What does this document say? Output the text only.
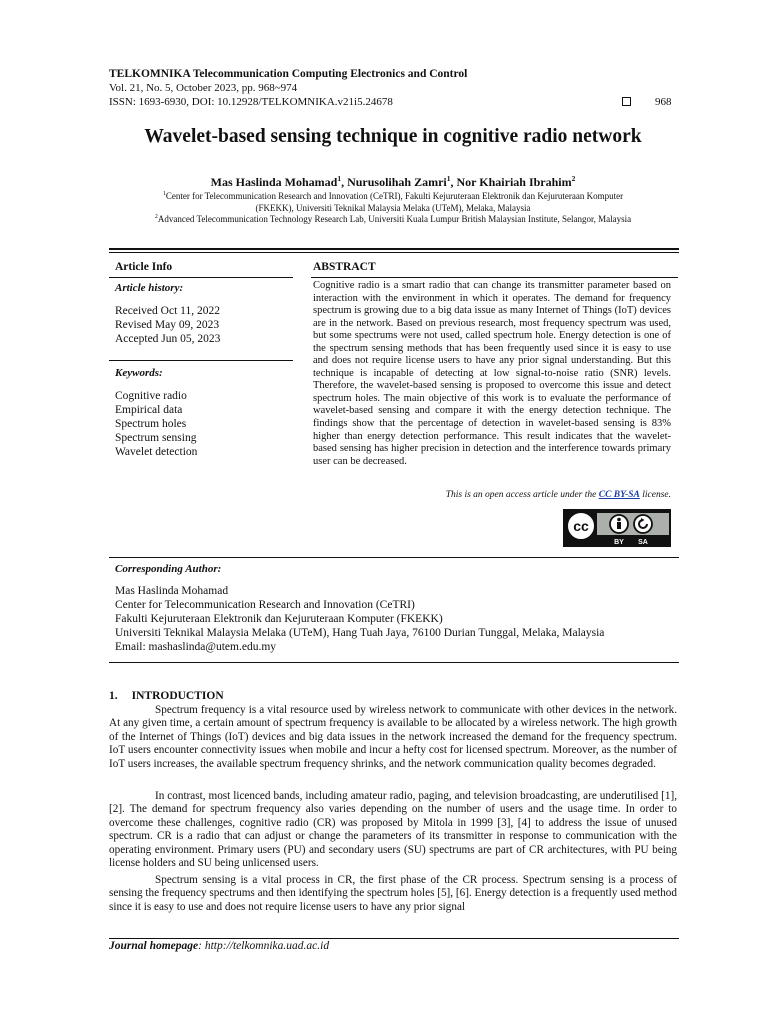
TELKOMNIKA Telecommunication Computing Electronics and Control
Vol. 21, No. 5, October 2023, pp. 968~974
ISSN: 1693-6930, DOI: 10.12928/TELKOMNIKA.v21i5.24678	968
Wavelet-based sensing technique in cognitive radio network
Mas Haslinda Mohamad$^1$, Nurusolihah Zamri$^1$, Nor Khairiah Ibrahim$^2$
$^1$Center for Telecommunication Research and Innovation (CeTRI), Fakulti Kejuruteraan Elektronik dan Kejuruteraan Komputer
(FKEKK), Universiti Teknikal Malaysia Melaka (UTeM), Melaka, Malaysia
$^2$Advanced Telecommunication Technology Research Lab, Universiti Kuala Lumpur British Malaysian Institute, Selangor, Malaysia
Article Info
Article history:
Received Oct 11, 2022
Revised May 09, 2023
Accepted Jun 05, 2023
Keywords:
Cognitive radio
Empirical data
Spectrum holes
Spectrum sensing
Wavelet detection
ABSTRACT
Cognitive radio is a smart radio that can change its transmitter parameter based on interaction with the environment in which it operates. The demand for frequency spectrum is growing due to a big data issue as many Internet of Things (IoT) devices are in the network. Based on previous research, most frequency spectrum was used, but some spectrums were not used, called spectrum hole. Energy detection is one of the spectrum sensing methods that has been frequently used since it is easy to use and does not require license users to have any prior signal understanding. But this technique is incapable of detecting at low signal-to-noise ratio (SNR) levels. Therefore, the wavelet-based sensing is proposed to overcome this issue and detect spectrum holes. The main objective of this work is to evaluate the performance of wavelet-based sensing and compare it with the energy detection technique. The findings show that the percentage of detection in wavelet-based sensing is 83% higher than energy detection performance. This result indicates that the wavelet-based sensing has higher precision in detection and the interference towards primary user can be decreased.
This is an open access article under the CC BY-SA license.
cc
BY SA
Corresponding Author:
Mas Haslinda Mohamad
Center for Telecommunication Research and Innovation (CeTRI)
Fakulti Kejuruteraan Elektronik dan Kejuruteraan Komputer (FKEKK)
Universiti Teknikal Malaysia Melaka (UTeM), Hang Tuah Jaya, 76100 Durian Tunggal, Melaka, Malaysia
Email: mashaslinda@utem.edu.my
1. INTRODUCTION
Spectrum frequency is a vital resource used by wireless network to communicate with other devices in the network. At any given time, a certain amount of spectrum frequency is available to be allocated by a wireless network. The high growth of the Internet of Things (IoT) devices and big data issues in the network increased the demand for the frequency spectrum. IoT users encounter connectivity issues when mobile and incur a hefty cost for licensed spectrum. Moreover, as the number of IoT users increases, the available spectrum frequency shrinks, and the network communication quality becomes degraded.
In contrast, most licenced bands, including amateur radio, paging, and television broadcasting, are underutilised [1], [2]. The demand for spectrum frequency also varies depending on the number of users and the usage time. In order to overcome these challenges, cognitive radio (CR) was proposed by Mitola in 1999 [3], [4] to address the issue of unused spectrum. CR is a radio that can adjust or change the parameters of its transmitter in response to communication with the operating environment. Primary users (PU) and secondary users (SU) spectrums are part of CR architectures, with PU being license holders and SU being unlicensed users.
Spectrum sensing is a vital process in CR, the first phase of the CR process. Spectrum sensing is a process of sensing the frequency spectrums and then identifying the spectrum holes [5], [6]. Energy detection is a frequently used method since it is easy to use and does not require license users to have any prior signal
Journal homepage: http://telkomnika.uad.ac.id
